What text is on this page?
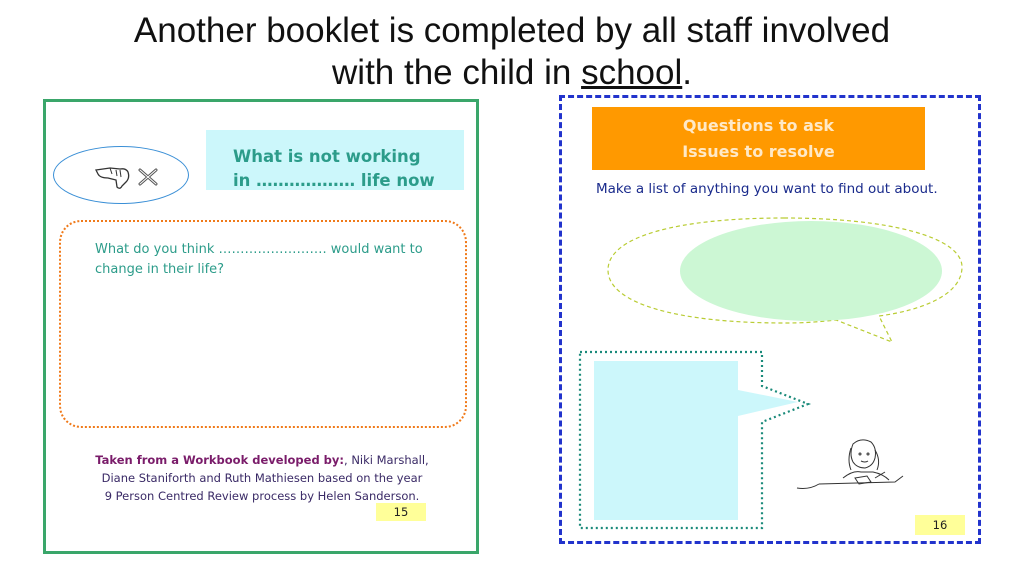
Another booklet is completed by all staff involved
with the child in school.
What is not working
in ……………… life now
What do you think ……………………. would want to change in their life?
Taken from a Workbook developed by:, Niki Marshall,
Diane Staniforth and Ruth Mathiesen based on the year
9 Person Centred Review process by Helen Sanderson.
15
Questions to ask
Issues to resolve
Make a list of anything you want to find out about.
16
